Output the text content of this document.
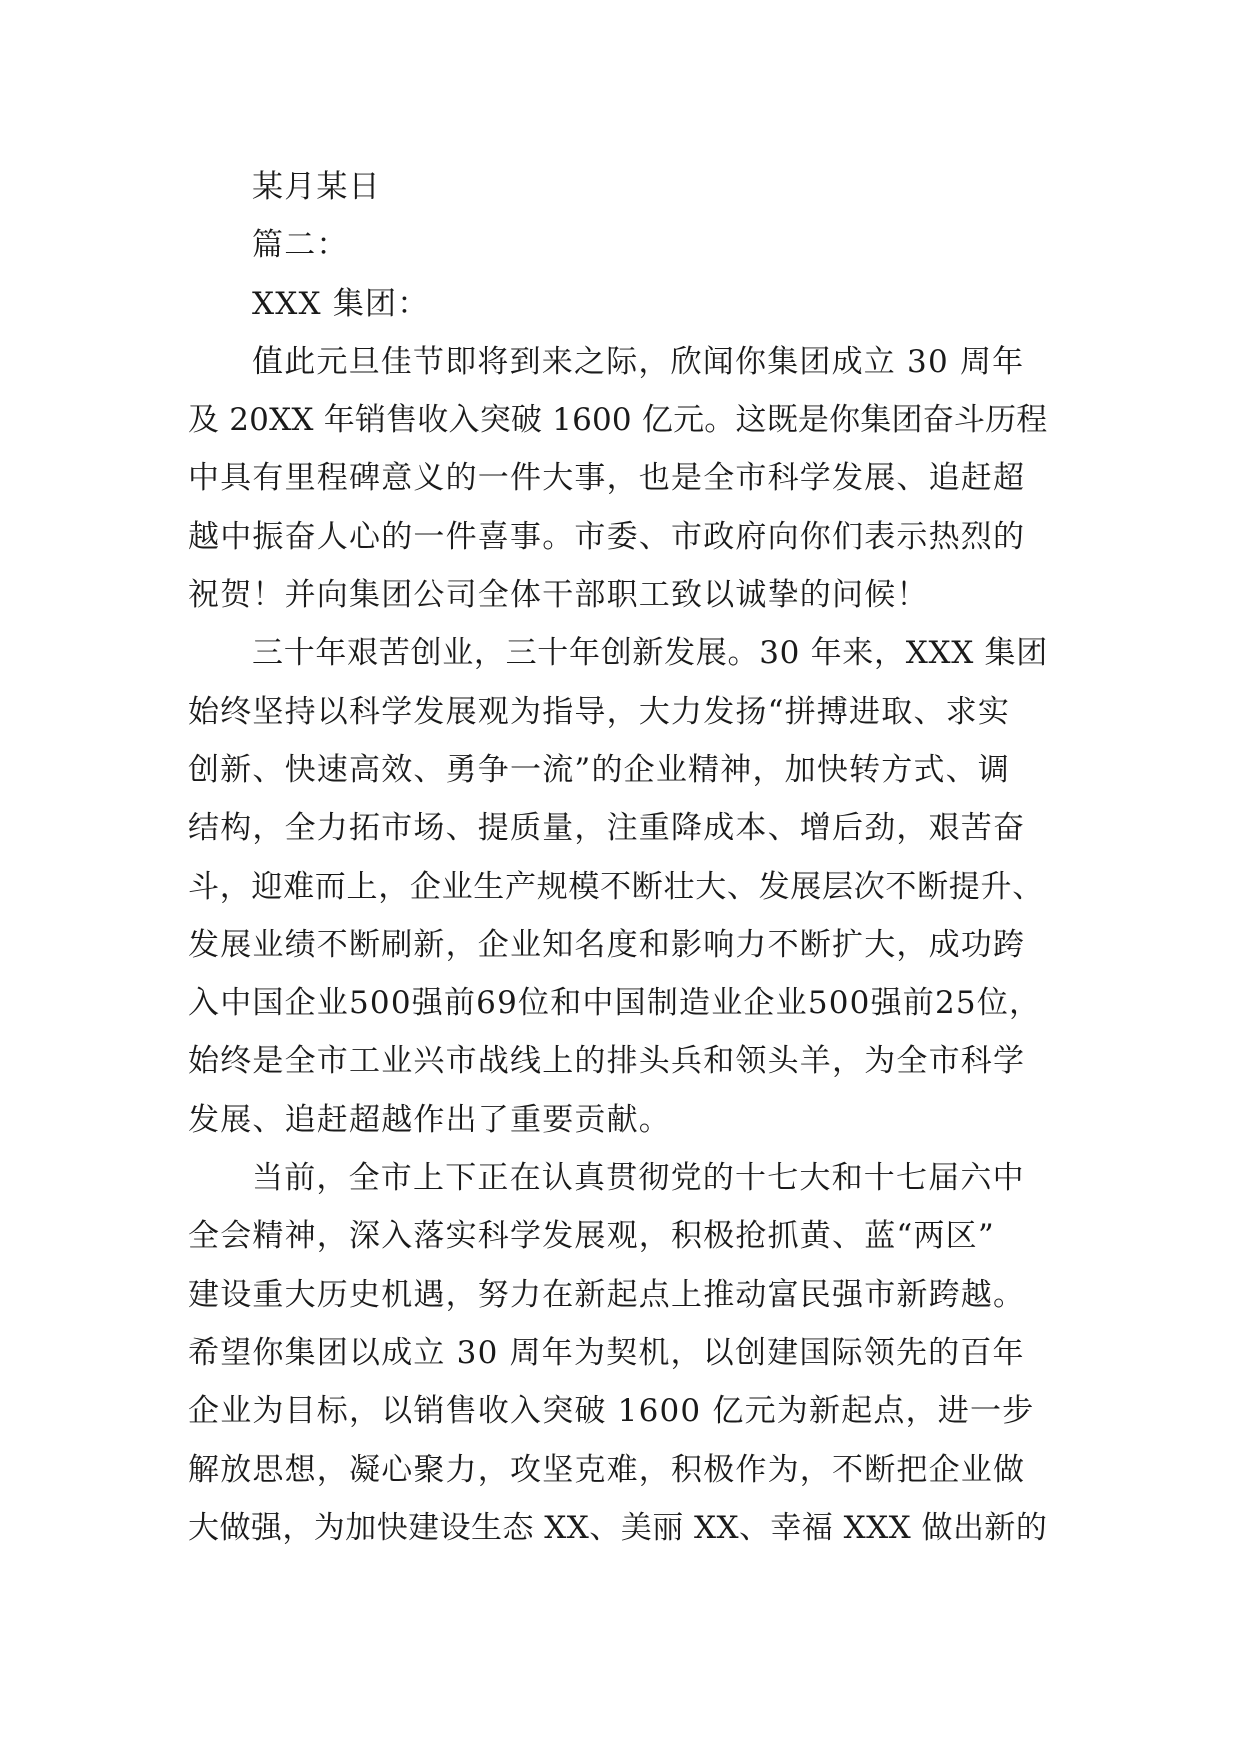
某月某日
篇二：
XXX 集团：
值此元旦佳节即将到来之际，欣闻你集团成立 30 周年
及 20XX 年销售收入突破 1600 亿元。这既是你集团奋斗历程
中具有里程碑意义的一件大事，也是全市科学发展、追赶超
越中振奋人心的一件喜事。市委、市政府向你们表示热烈的
祝贺！并向集团公司全体干部职工致以诚挚的问候！
三十年艰苦创业，三十年创新发展。30 年来，XXX 集团
始终坚持以科学发展观为指导，大力发扬“拼搏进取、求实
创新、快速高效、勇争一流”的企业精神，加快转方式、调
结构，全力拓市场、提质量，注重降成本、增后劲，艰苦奋
斗，迎难而上，企业生产规模不断壮大、发展层次不断提升、
发展业绩不断刷新，企业知名度和影响力不断扩大，成功跨
入中国企业500强前69位和中国制造业企业500强前25位，
始终是全市工业兴市战线上的排头兵和领头羊，为全市科学
发展、追赶超越作出了重要贡献。
当前，全市上下正在认真贯彻党的十七大和十七届六中
全会精神，深入落实科学发展观，积极抢抓黄、蓝“两区”
建设重大历史机遇，努力在新起点上推动富民强市新跨越。
希望你集团以成立 30 周年为契机，以创建国际领先的百年
企业为目标，以销售收入突破 1600 亿元为新起点，进一步
解放思想，凝心聚力，攻坚克难，积极作为，不断把企业做
大做强，为加快建设生态 XX、美丽 XX、幸福 XXX 做出新的
